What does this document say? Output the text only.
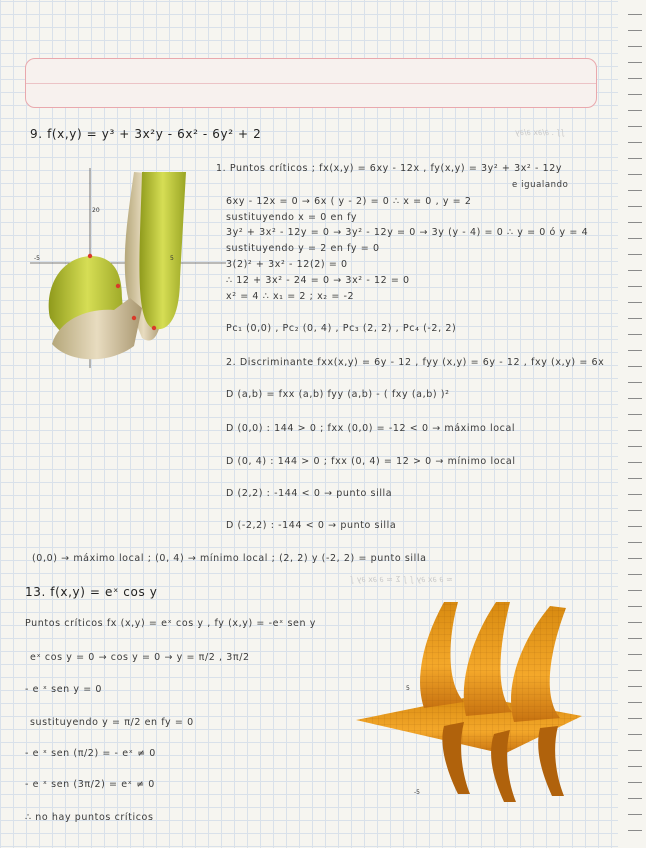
∫∫ . ∂/∂x ∂/∂y
≈ ∂ ∂x ∂y ∫ ∫ Σ ≈ ∂ ∂x ∂y ∫
9. f(x,y) = y³ + 3x²y - 6x² - 6y² + 2
20
5
-5
1. Puntos críticos ; fx(x,y) = 6xy - 12x , fy(x,y) = 3y² + 3x² - 12y
e igualando
6xy - 12x = 0 → 6x ( y - 2) = 0 ∴ x = 0 , y = 2
sustituyendo x = 0 en fy
3y² + 3x² - 12y = 0 → 3y² - 12y = 0 → 3y (y - 4) = 0 ∴ y = 0 ó y = 4
sustituyendo y = 2 en fy = 0
3(2)² + 3x² - 12(2) = 0
∴ 12 + 3x² - 24 = 0 → 3x² - 12 = 0
x² = 4 ∴ x₁ = 2 ; x₂ = -2
Pc₁ (0,0) , Pc₂ (0, 4) , Pc₃ (2, 2) , Pc₄ (-2, 2)
2. Discriminante fxx(x,y) = 6y - 12 , fyy (x,y) = 6y - 12 , fxy (x,y) = 6x
D (a,b) = fxx (a,b) fyy (a,b) - ( fxy (a,b) )²
D (0,0) : 144 > 0 ; fxx (0,0) = -12 < 0 → máximo local
D (0, 4) : 144 > 0 ; fxx (0, 4) = 12 > 0 → mínimo local
D (2,2) : -144 < 0 → punto silla
D (-2,2) : -144 < 0 → punto silla
(0,0) → máximo local ; (0, 4) → mínimo local ; (2, 2) y (-2, 2) = punto silla
13. f(x,y) = eˣ cos y
Puntos críticos fx (x,y) = eˣ cos y , fy (x,y) = -eˣ sen y
eˣ cos y = 0 → cos y = 0 → y = π/2 , 3π/2
- e ˣ sen y = 0
sustituyendo y = π/2 en fy = 0
- e ˣ sen (π/2) = - eˣ ≠ 0
- e ˣ sen (3π/2) = eˣ ≠ 0
∴ no hay puntos críticos
-5
5
